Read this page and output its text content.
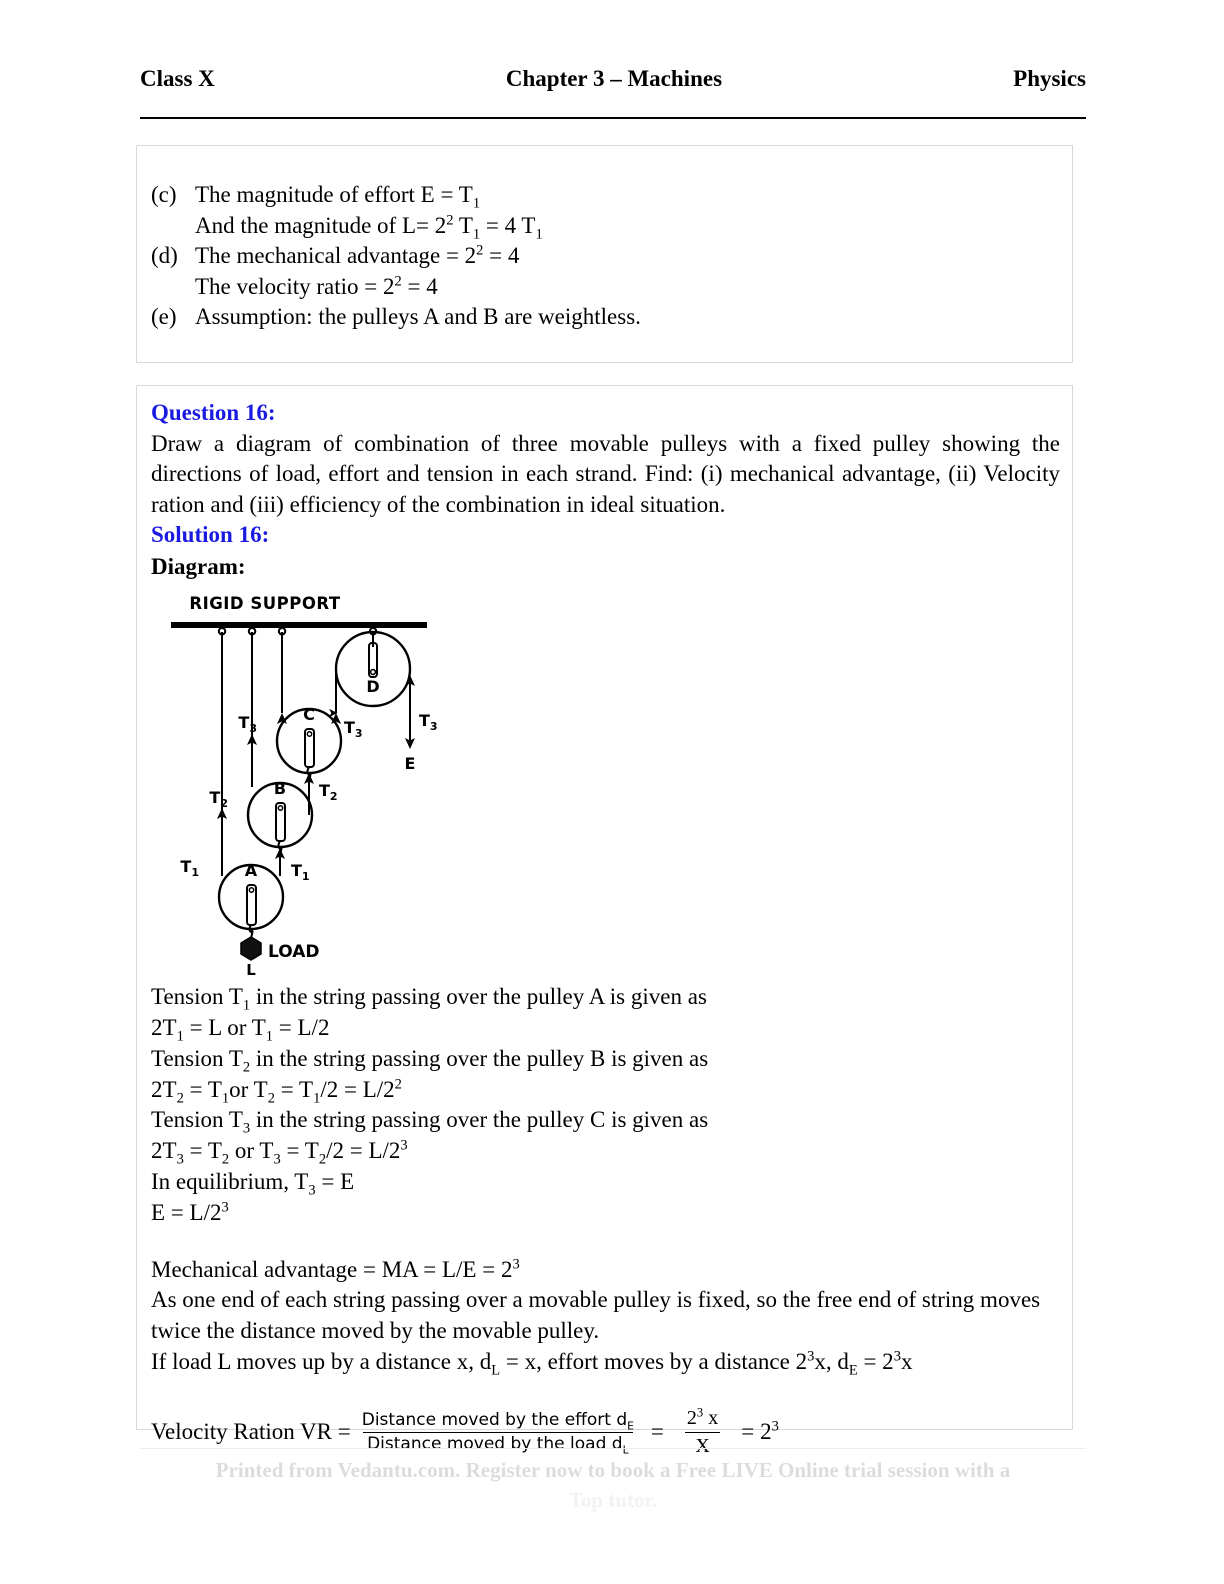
Class X	Chapter 3 – Machines	Physics
(c) The magnitude of effort $E = T_1$
And the magnitude of $L= 2^2$ $T_1 = 4$ $T_1$
(d) The mechanical advantage = $2^2 = 4$
The velocity ratio = $2^2 = 4$
(e) Assumption: the pulleys A and B are weightless.
Question 16:
Draw a diagram of combination of three movable pulleys with a fixed pulley showing the directions of load, effort and tension in each strand. Find: (i) mechanical advantage, (ii) Velocity ration and (iii) efficiency of the combination in ideal situation.
Solution 16:
Diagram:
RIGID SUPPORT
D
C
B
A
LOAD
L
$T_3$	$T_3$
$T_3$
E
$T_2$
$T_2$
$T_1$	$T_1$
Tension $T_1$ in the string passing over the pulley A is given as
$2T_1 = L$ or $T_1 = L/2$
Tension $T_2$ in the string passing over the pulley B is given as
$2T_2 = T_1or$ $T_2 = T_1/2 = L/2^2$
Tension $T_3$ in the string passing over the pulley C is given as
$2T_3 = T_2$ or $T_3 = T_2/2 = L/2^3$
In equilibrium, $T_3 = E$
$E = L/2^3$

Mechanical advantage = MA = $L/E = 2^3$
As one end of each string passing over a movable pulley is fixed, so the free end of string moves twice the distance moved by the movable pulley.
If load L moves up by a distance x, $d_L = x$, effort moves by a distance $2^3x$, $d_E = 2^3x$
Velocity Ration VR = $\frac{Distance moved by the effort d_E}{Distance moved by the load d_L} = \frac{2^3 x}{X} = 2^3$
Printed from Vedantu.com. Register now to book a Free LIVE Online trial session with a
Top tutor.
